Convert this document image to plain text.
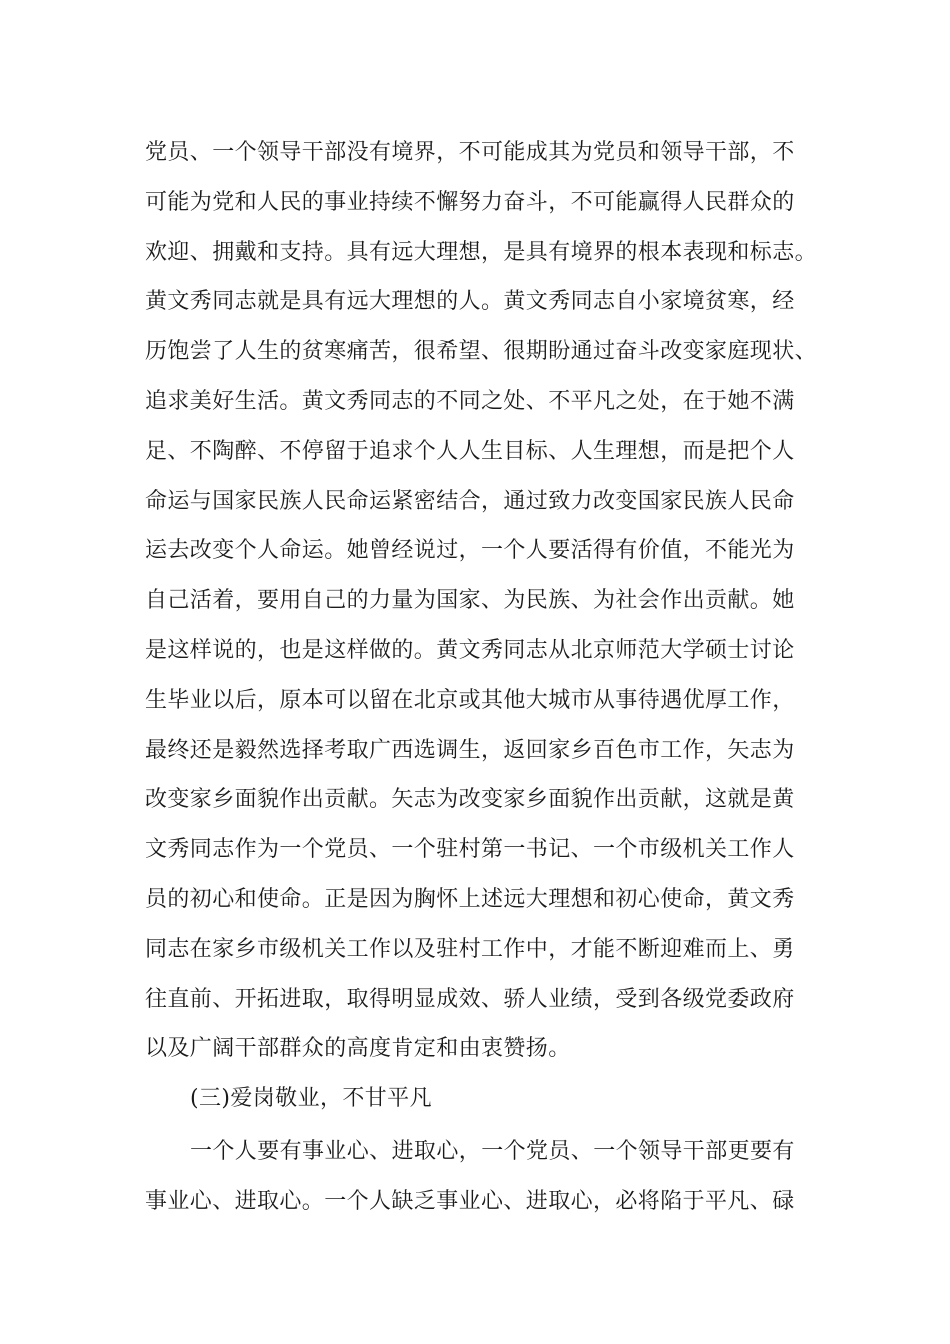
党员、一个领导干部没有境界，不可能成其为党员和领导干部，不
可能为党和人民的事业持续不懈努力奋斗，不可能赢得人民群众的
欢迎、拥戴和支持。具有远大理想，是具有境界的根本表现和标志。
黄文秀同志就是具有远大理想的人。黄文秀同志自小家境贫寒，经
历饱尝了人生的贫寒痛苦，很希望、很期盼通过奋斗改变家庭现状、
追求美好生活。黄文秀同志的不同之处、不平凡之处，在于她不满
足、不陶醉、不停留于追求个人人生目标、人生理想，而是把个人
命运与国家民族人民命运紧密结合，通过致力改变国家民族人民命
运去改变个人命运。她曾经说过，一个人要活得有价值，不能光为
自己活着，要用自己的力量为国家、为民族、为社会作出贡献。她
是这样说的，也是这样做的。黄文秀同志从北京师范大学硕士讨论
生毕业以后，原本可以留在北京或其他大城市从事待遇优厚工作，
最终还是毅然选择考取广西选调生，返回家乡百色市工作，矢志为
改变家乡面貌作出贡献。矢志为改变家乡面貌作出贡献，这就是黄
文秀同志作为一个党员、一个驻村第一书记、一个市级机关工作人
员的初心和使命。正是因为胸怀上述远大理想和初心使命，黄文秀
同志在家乡市级机关工作以及驻村工作中，才能不断迎难而上、勇
往直前、开拓进取，取得明显成效、骄人业绩，受到各级党委政府
以及广阔干部群众的高度肯定和由衷赞扬。
(三)爱岗敬业，不甘平凡
一个人要有事业心、进取心，一个党员、一个领导干部更要有
事业心、进取心。一个人缺乏事业心、进取心，必将陷于平凡、碌
